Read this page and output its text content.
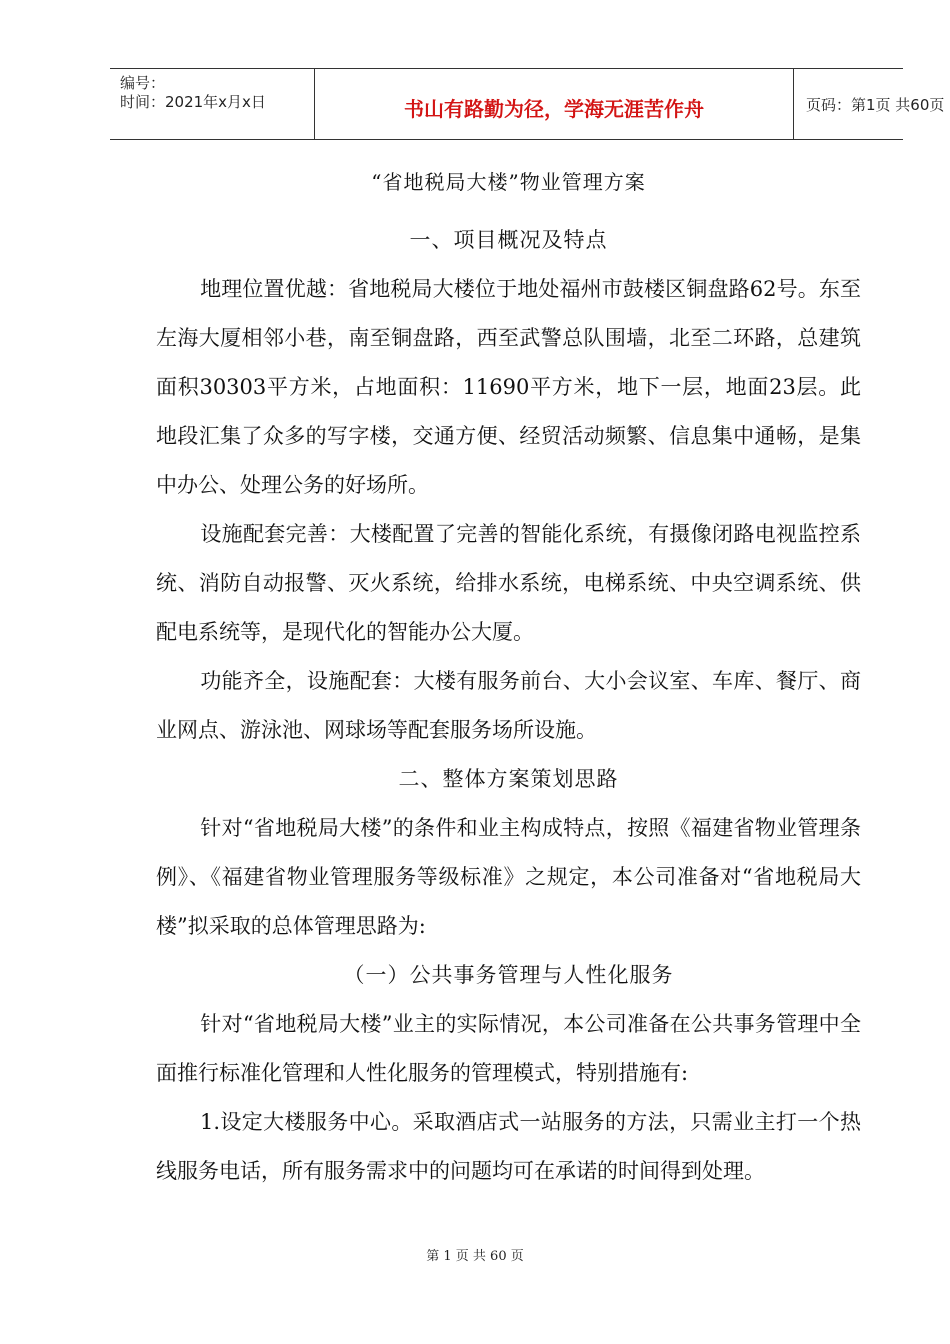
编号：
时间：2021年x月x日	书山有路勤为径，学海无涯苦作舟	页码：第1页 共60页

“省地税局大楼”物业管理方案

一、项目概况及特点

地理位置优越：省地税局大楼位于地处福州市鼓楼区铜盘路62号。东至左海大厦相邻小巷，南至铜盘路，西至武警总队围墙，北至二环路，总建筑面积30303平方米，占地面积：11690平方米，地下一层，地面23层。此地段汇集了众多的写字楼，交通方便、经贸活动频繁、信息集中通畅，是集中办公、处理公务的好场所。

设施配套完善：大楼配置了完善的智能化系统，有摄像闭路电视监控系统、消防自动报警、灭火系统，给排水系统，电梯系统、中央空调系统、供配电系统等，是现代化的智能办公大厦。

功能齐全，设施配套：大楼有服务前台、大小会议室、车库、餐厅、商业网点、游泳池、网球场等配套服务场所设施。

二、整体方案策划思路

针对“省地税局大楼”的条件和业主构成特点，按照《福建省物业管理条例》、《福建省物业管理服务等级标准》之规定，本公司准备对“省地税局大楼”拟采取的总体管理思路为:

（一）公共事务管理与人性化服务

针对“省地税局大楼”业主的实际情况，本公司准备在公共事务管理中全面推行标准化管理和人性化服务的管理模式，特别措施有:

1.设定大楼服务中心。采取酒店式一站服务的方法，只需业主打一个热线服务电话，所有服务需求中的问题均可在承诺的时间得到处理。

第 1 页 共 60 页
